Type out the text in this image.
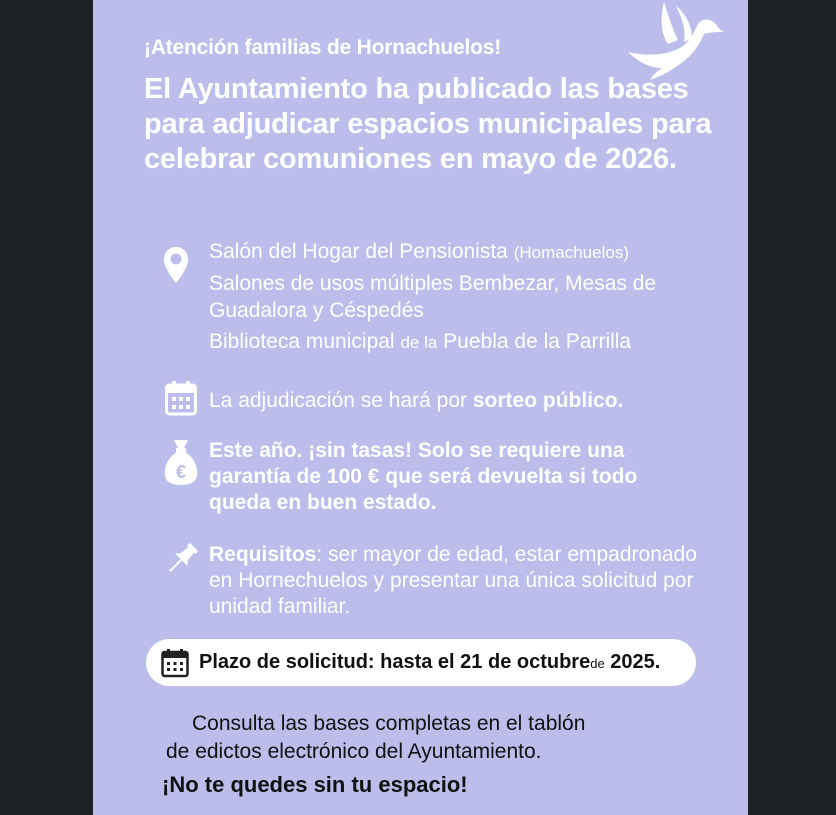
¡Atención familias de Hornachuelos!

El Ayuntamiento ha publicado las bases para adjudicar espacios municipales para celebrar comuniones en mayo de 2026.

Salón del Hogar del Pensionista (Homachuelos)

Salones de usos múltiples Bembezar, Mesas de Guadalora y Céspedés

Biblioteca municipal de la Puebla de la Parrilla

La adjudicación se hará por sorteo público.

€

Este año. ¡sin tasas! Solo se requiere una garantía de 100 € que será devuelta si todo queda en buen estado.

Requisitos: ser mayor de edad, estar empadronado en Hornechuelos y presentar una única solicitud por unidad familiar.

Plazo de solicitud: hasta el 21 de octubrede 2025.

Consulta las bases completas en el tablón

de edictos electrónico del Ayuntamiento.

¡No te quedes sin tu espacio!
